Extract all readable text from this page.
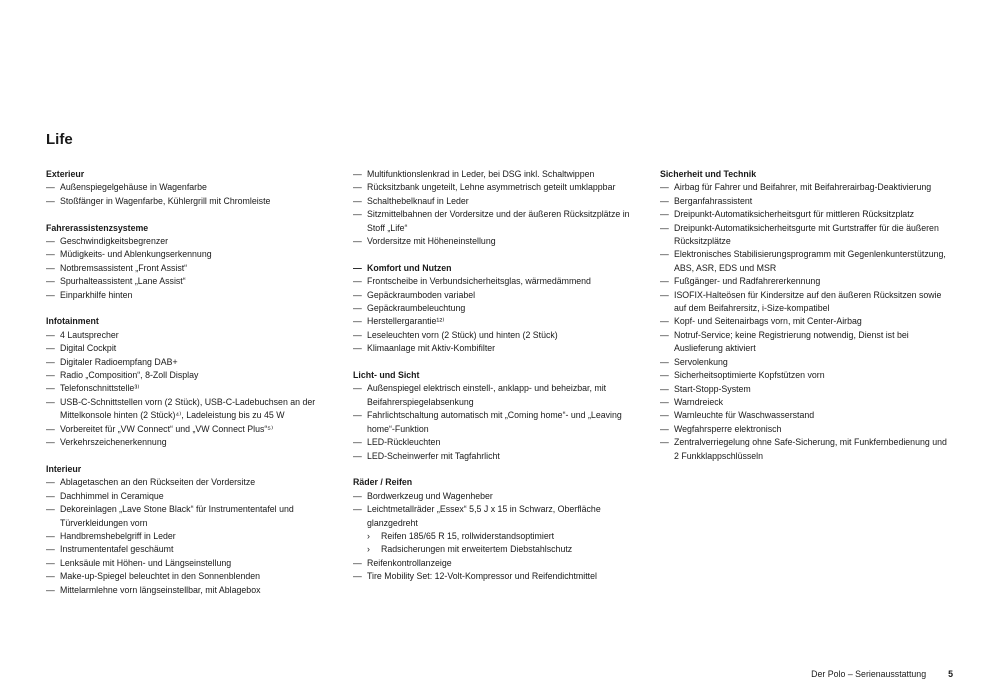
Life
Exterieur
— Außenspiegelgehäuse in Wagenfarbe
— Stoßfänger in Wagenfarbe, Kühlergrill mit Chromleiste
Fahrerassistenzsysteme
— Geschwindigkeitsbegrenzer
— Müdigkeits- und Ablenkungserkennung
— Notbremsassistent „Front Assist“
— Spurhalteassistent „Lane Assist“
— Einparkhilfe hinten
Infotainment
— 4 Lautsprecher
— Digital Cockpit
— Digitaler Radioempfang DAB+
— Radio „Composition“, 8-Zoll Display
— Telefonschnittstelle³⁾
— USB-C-Schnittstellen vorn (2 Stück), USB-C-Ladebuchsen an der Mittelkonsole hinten (2 Stück)⁴⁾, Ladeleistung bis zu 45 W
— Vorbereitet für „VW Connect“ und „VW Connect Plus“⁵⁾
— Verkehrszeichenerkennung
Interieur
— Ablagetaschen an den Rückseiten der Vordersitze
— Dachhimmel in Ceramique
— Dekoreinlagen „Lave Stone Black“ für Instrumententafel und Türverkleidungen vorn
— Handbremshebelgriff in Leder
— Instrumententafel geschäumt
— Lenksäule mit Höhen- und Längseinstellung
— Make-up-Spiegel beleuchtet in den Sonnenblenden
— Mittelarmlehne vorn längseinstellbar, mit Ablagebox
— Multifunktionslenkrad in Leder, bei DSG inkl. Schaltwippen
— Rücksitzbank ungeteilt, Lehne asymmetrisch geteilt umklappbar
— Schalthebelknauf in Leder
— Sitzmittelbahnen der Vordersitze und der äußeren Rücksitzplätze in Stoff „Life“
— Vordersitze mit Höheneinstellung
— Komfort und Nutzen
— Frontscheibe in Verbundsicherheitsglas, wärmedämmend
— Gepäckraumboden variabel
— Gepäckraumbeleuchtung
— Herstellergarantie¹²⁾
— Leseleuchten vorn (2 Stück) und hinten (2 Stück)
— Klimaanlage mit Aktiv-Kombifilter
Licht- und Sicht
— Außenspiegel elektrisch einstell-, anklapp- und beheizbar, mit Beifahrerspiegelabsenkung
— Fahrlichtschaltung automatisch mit „Coming home“- und „Leaving home“-Funktion
— LED-Rückleuchten
— LED-Scheinwerfer mit Tagfahrlicht
Räder / Reifen
— Bordwerkzeug und Wagenheber
— Leichtmetallräder „Essex“ 5,5 J x 15 in Schwarz, Oberfläche glanzgedreht
› Reifen 185/65 R 15, rollwiderstandsoptimiert
› Radsicherungen mit erweitertem Diebstahlschutz
— Reifenkontrollanzeige
— Tire Mobility Set: 12-Volt-Kompressor und Reifendichtmittel
Sicherheit und Technik
— Airbag für Fahrer und Beifahrer, mit Beifahrerairbag-Deaktivierung
— Berganfahrassistent
— Dreipunkt-Automatiksicherheitsgurt für mittleren Rücksitzplatz
— Dreipunkt-Automatiksicherheitsgurte mit Gurtstraffer für die äußeren Rücksitzplätze
— Elektronisches Stabilisierungsprogramm mit Gegenlenkunterstützung, ABS, ASR, EDS und MSR
— Fußgänger- und Radfahrererkennung
— ISOFIX-Halteösen für Kindersitze auf den äußeren Rücksitzen sowie auf dem Beifahrersitz, i-Size-kompatibel
— Kopf- und Seitenairbags vorn, mit Center-Airbag
— Notruf-Service; keine Registrierung notwendig, Dienst ist bei Auslieferung aktiviert
— Servolenkung
— Sicherheitsoptimierte Kopfstützen vorn
— Start-Stopp-System
— Warndreieck
— Warnleuchte für Waschwasserstand
— Wegfahrsperre elektronisch
— Zentralverriegelung ohne Safe-Sicherung, mit Funkfernbedienung und 2 Funkklappschlüsseln
Der Polo – Serienausstattung	5
